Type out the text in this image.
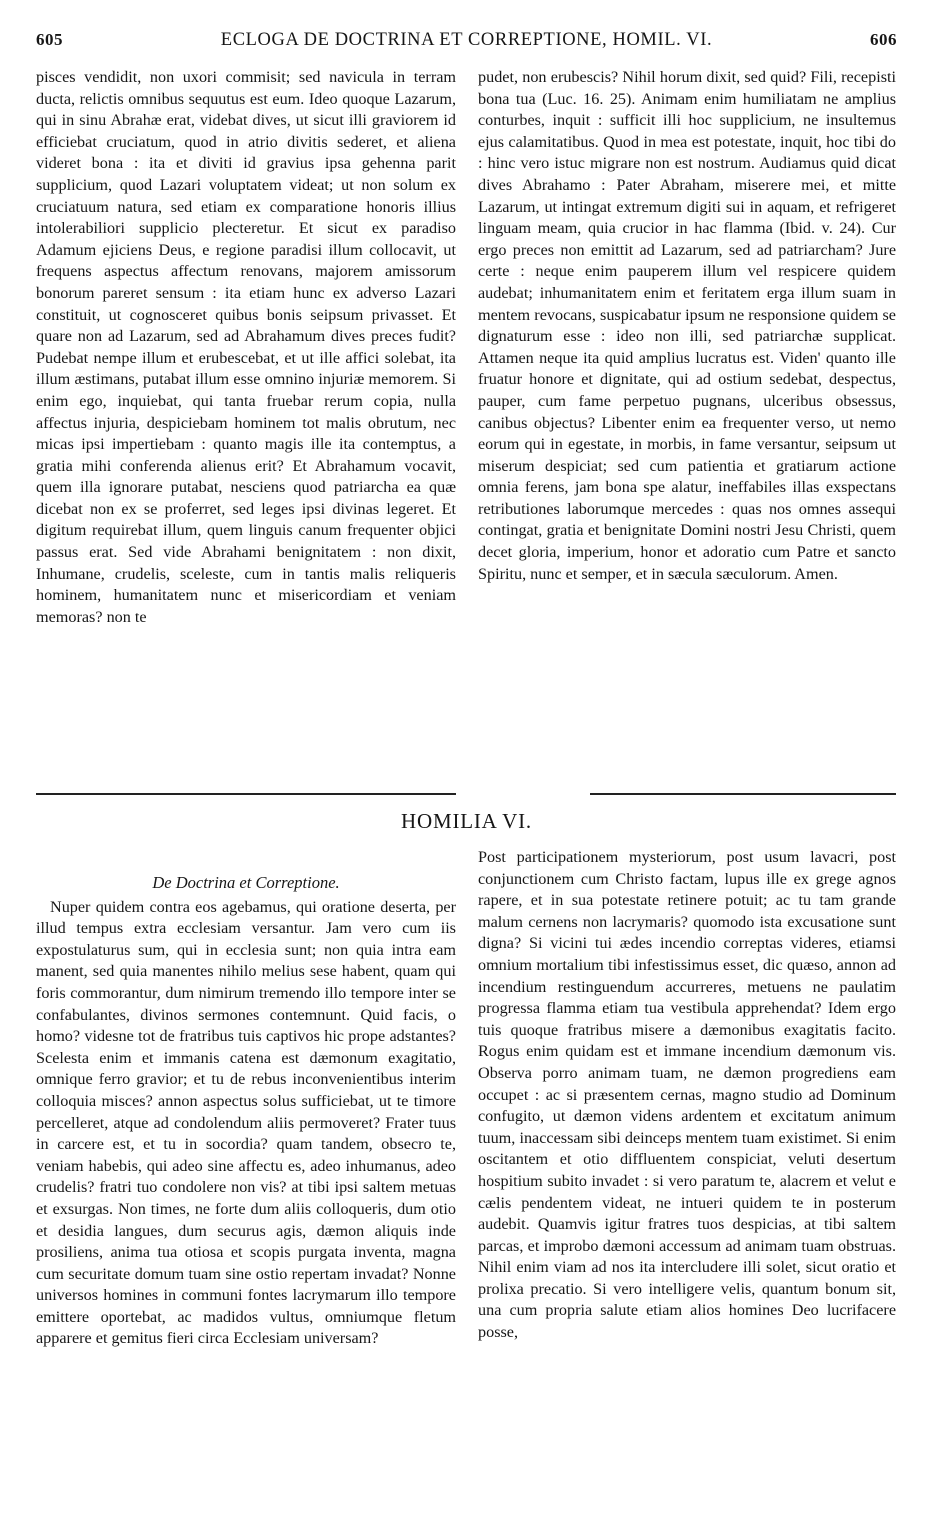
605	ECLOGA DE DOCTRINA ET CORREPTIONE, HOMIL. VI.	606

pisces vendidit, non uxori commisit; sed navicula in terram ducta, relictis omnibus sequutus est eum. Ideo quoque Lazarum, qui in sinu Abrahæ erat, videbat dives, ut sicut illi graviorem id efficiebat cruciatum, quod in atrio divitis sederet, et aliena videret bona : ita et diviti id gravius ipsa gehenna parit supplicium, quod Lazari voluptatem videat; ut non solum ex cruciatuum natura, sed etiam ex comparatione honoris illius intolerabiliori supplicio plecteretur. Et sicut ex paradiso Adamum ejiciens Deus, e regione paradisi illum collocavit, ut frequens aspectus affectum renovans, majorem amissorum bonorum pareret sensum : ita etiam hunc ex adverso Lazari constituit, ut cognosceret quibus bonis seipsum privasset. Et quare non ad Lazarum, sed ad Abrahamum dives preces fudit? Pudebat nempe illum et erubescebat, et ut ille affici solebat, ita illum æstimans, putabat illum esse omnino injuriæ memorem. Si enim ego, inquiebat, qui tanta fruebar rerum copia, nulla affectus injuria, despiciebam hominem tot malis obrutum, nec micas ipsi impertiebam : quanto magis ille ita contemptus, a gratia mihi conferenda alienus erit? Et Abrahamum vocavit, quem illa ignorare putabat, nesciens quod patriarcha ea quæ dicebat non ex se proferret, sed leges ipsi divinas legeret. Et digitum requirebat illum, quem linguis canum frequenter objici passus erat. Sed vide Abrahami benignitatem : non dixit, Inhumane, crudelis, scelestе, cum in tantis malis reliqueris hominem, humanitatem nunc et misericordiam et veniam memoras? non te

pudet, non erubescis? Nihil horum dixit, sed quid? Fili, recepisti bona tua (Luc. 16. 25). Animam enim humiliatam ne amplius conturbes, inquit : sufficit illi hoc supplicium, ne insultemus ejus calamitatibus. Quod in mea est potestate, inquit, hoc tibi do : hinc vero istuc migrare non est nostrum. Audiamus quid dicat dives Abrahamo : Pater Abraham, miserere mei, et mitte Lazarum, ut intingat extremum digiti sui in aquam, et refrigeret linguam meam, quia crucior in hac flamma (Ibid. v. 24). Cur ergo preces non emittit ad Lazarum, sed ad patriarcham? Jure certe : neque enim pauperem illum vel respicere quidem audebat; inhumanitatem enim et feritatem erga illum suam in mentem revocans, suspicabatur ipsum ne responsione quidem se dignaturum esse : ideo non illi, sed patriarchæ supplicat. Attamen neque ita quid amplius lucratus est. Viden' quanto ille fruatur honore et dignitate, qui ad ostium sedebat, despectus, pauper, cum fame perpetuo pugnans, ulceribus obsessus, canibus objectus? Libenter enim ea frequenter verso, ut nemo eorum qui in egestate, in morbis, in fame versantur, seipsum ut miserum despiciat; sed cum patientia et gratiarum actione omnia ferens, jam bona spe alatur, ineffabiles illas exspectans retributiones laborumque mercedes : quas nos omnes assequi contingat, gratia et benignitate Domini nostri Jesu Christi, quem decet gloria, imperium, honor et adoratio cum Patre et sancto Spiritu, nunc et semper, et in sæcula sæculorum. Amen.

HOMILIA VI.
De Doctrina et Correptione.

Nuper quidem contra eos agebamus, qui oratione deserta, per illud tempus extra ecclesiam versantur. Jam vero cum iis expostulaturus sum, qui in ecclesia sunt; non quia intra eam manent, sed quia manentes nihilo melius sese habent, quam qui foris commorantur, dum nimirum tremendo illo tempore inter se confabulantes, divinos sermones contemnunt. Quid facis, o homo? videsne tot de fratribus tuis captivos hic prope adstantes? Scelesta enim et immanis catena est dæmonum exagitatio, omnique ferro gravior; et tu de rebus inconvenientibus interim colloquia misces? annon aspectus solus sufficiebat, ut te timore percelleret, atque ad condolendum aliis permoveret? Frater tuus in carcere est, et tu in socordia? quam tandem, obsecro te, veniam habebis, qui adeo sine affectu es, adeo inhumanus, adeo crudelis? fratri tuo condolere non vis? at tibi ipsi saltem metuas et exsurgas. Non times, ne forte dum aliis colloqueris, dum otio et desidia langues, dum securus agis, dæmon aliquis inde prosiliens, anima tua otiosa et scopis purgata inventa, magna cum securitate domum tuam sine ostio repertam invadat? Nonne universos homines in communi fontes lacrymarum illo tempore emittere oportebat, ac madidos vultus, omniumque fletum apparere et gemitus fieri circa Ecclesiam universam?

Post participationem mysteriorum, post usum lavacri, post conjunctionem cum Christo factam, lupus ille ex grege agnos rapere, et in sua potestate retinere potuit; ac tu tam grande malum cernens non lacrymaris? quomodo ista excusatione sunt digna? Si vicini tui ædes incendio correptas videres, etiamsi omnium mortalium tibi infestissimus esset, dic quæso, annon ad incendium restinguendum accurreres, metuens ne paulatim progressa flamma etiam tua vestibula apprehendat? Idem ergo tuis quoque fratribus misere a dæmonibus exagitatis facito. Rogus enim quidam est et immane incendium dæmonum vis. Observa porro animam tuam, ne dæmon progrediens eam occupet : ac si præsentem cernas, magno studio ad Dominum confugito, ut dæmon videns ardentem et excitatum animum tuum, inaccessam sibi deinceps mentem tuam existimet. Si enim oscitantem et otio diffluentem conspiciat, veluti desertum hospitium subito invadet : si vero paratum te, alacrem et velut e cælis pendentem videat, ne intueri quidem te in posterum audebit. Quamvis igitur fratres tuos despicias, at tibi saltem parcas, et improbo dæmoni accessum ad animam tuam obstruas. Nihil enim viam ad nos ita intercludere illi solet, sicut oratio et prolixa precatio. Si vero intelligere velis, quantum bonum sit, una cum propria salute etiam alios homines Deo lucrifacere posse,
